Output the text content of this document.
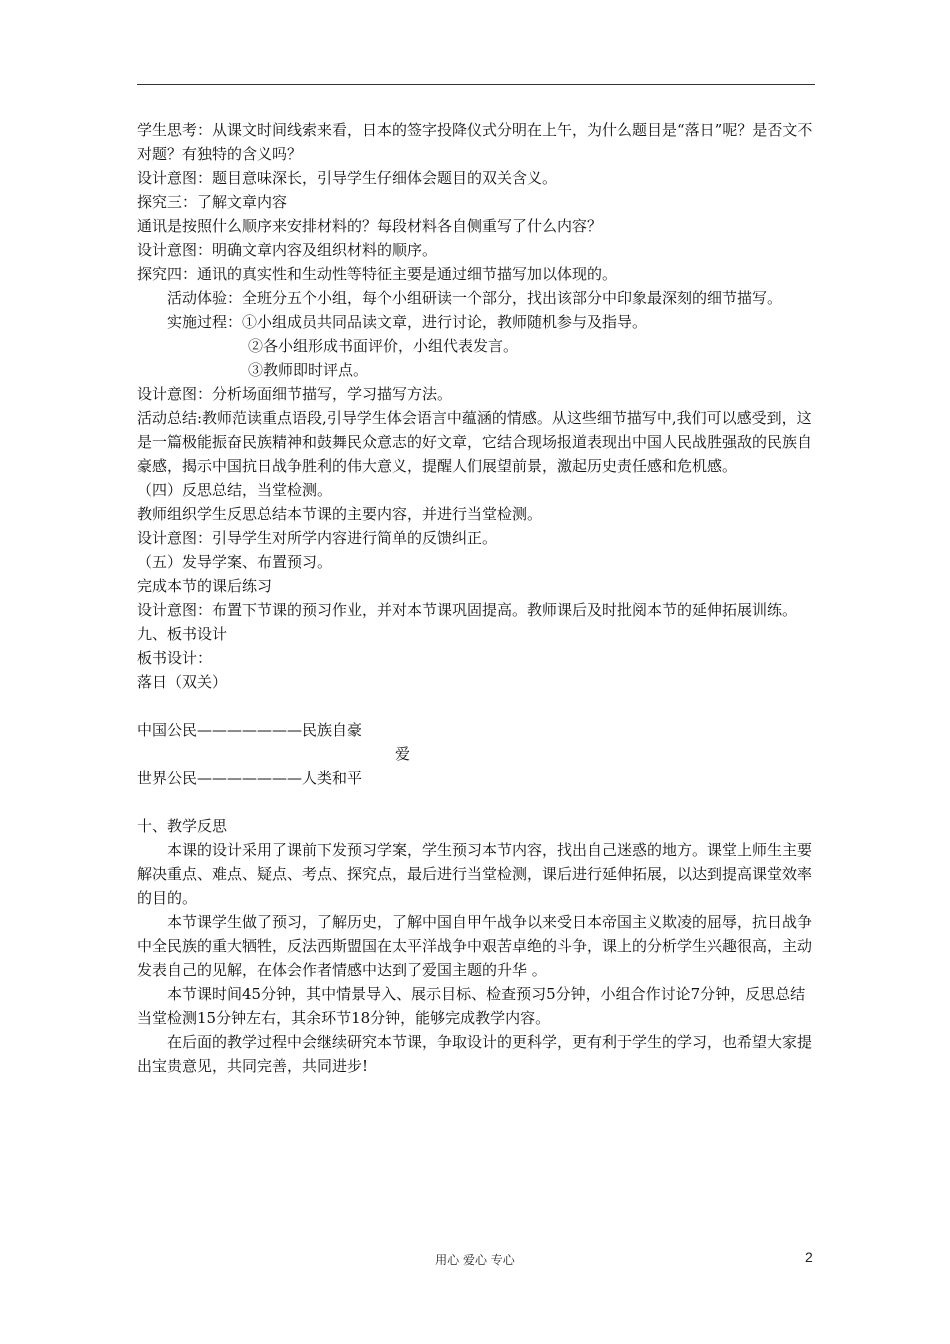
学生思考：从课文时间线索来看，日本的签字投降仪式分明在上午，为什么题目是“落日”呢？是否文不对题？有独特的含义吗？

设计意图：题目意味深长，引导学生仔细体会题目的双关含义。

探究三：了解文章内容

通讯是按照什么顺序来安排材料的？每段材料各自侧重写了什么内容？

设计意图：明确文章内容及组织材料的顺序。

探究四：通讯的真实性和生动性等特征主要是通过细节描写加以体现的。

活动体验：全班分五个小组，每个小组研读一个部分，找出该部分中印象最深刻的细节描写。

实施过程：①小组成员共同品读文章，进行讨论，教师随机参与及指导。
②各小组形成书面评价，小组代表发言。
③教师即时评点。

设计意图：分析场面细节描写，学习描写方法。

活动总结:教师范读重点语段,引导学生体会语言中蕴涵的情感。从这些细节描写中,我们可以感受到，这是一篇极能振奋民族精神和鼓舞民众意志的好文章，它结合现场报道表现出中国人民战胜强敌的民族自豪感，揭示中国抗日战争胜利的伟大意义，提醒人们展望前景，激起历史责任感和危机感。

（四）反思总结，当堂检测。

教师组织学生反思总结本节课的主要内容，并进行当堂检测。

设计意图：引导学生对所学内容进行简单的反馈纠正。

（五）发导学案、布置预习。

完成本节的课后练习

设计意图：布置下节课的预习作业，并对本节课巩固提高。教师课后及时批阅本节的延伸拓展训练。

九、板书设计

板书设计：

落日（双关）

中国公民———————民族自豪

爱

世界公民———————人类和平

十、教学反思

本课的设计采用了课前下发预习学案，学生预习本节内容，找出自己迷惑的地方。课堂上师生主要解决重点、难点、疑点、考点、探究点，最后进行当堂检测，课后进行延伸拓展，以达到提高课堂效率的目的。

本节课学生做了预习，了解历史，了解中国自甲午战争以来受日本帝国主义欺凌的屈辱，抗日战争中全民族的重大牺牲，反法西斯盟国在太平洋战争中艰苦卓绝的斗争，课上的分析学生兴趣很高，主动发表自己的见解，在体会作者情感中达到了爱国主题的升华 。

本节课时间45分钟，其中情景导入、展示目标、检查预习5分钟，小组合作讨论7分钟，反思总结当堂检测15分钟左右，其余环节18分钟，能够完成教学内容。

在后面的教学过程中会继续研究本节课，争取设计的更科学，更有利于学生的学习，也希望大家提出宝贵意见，共同完善，共同进步!

用心 爱心 专心	2
